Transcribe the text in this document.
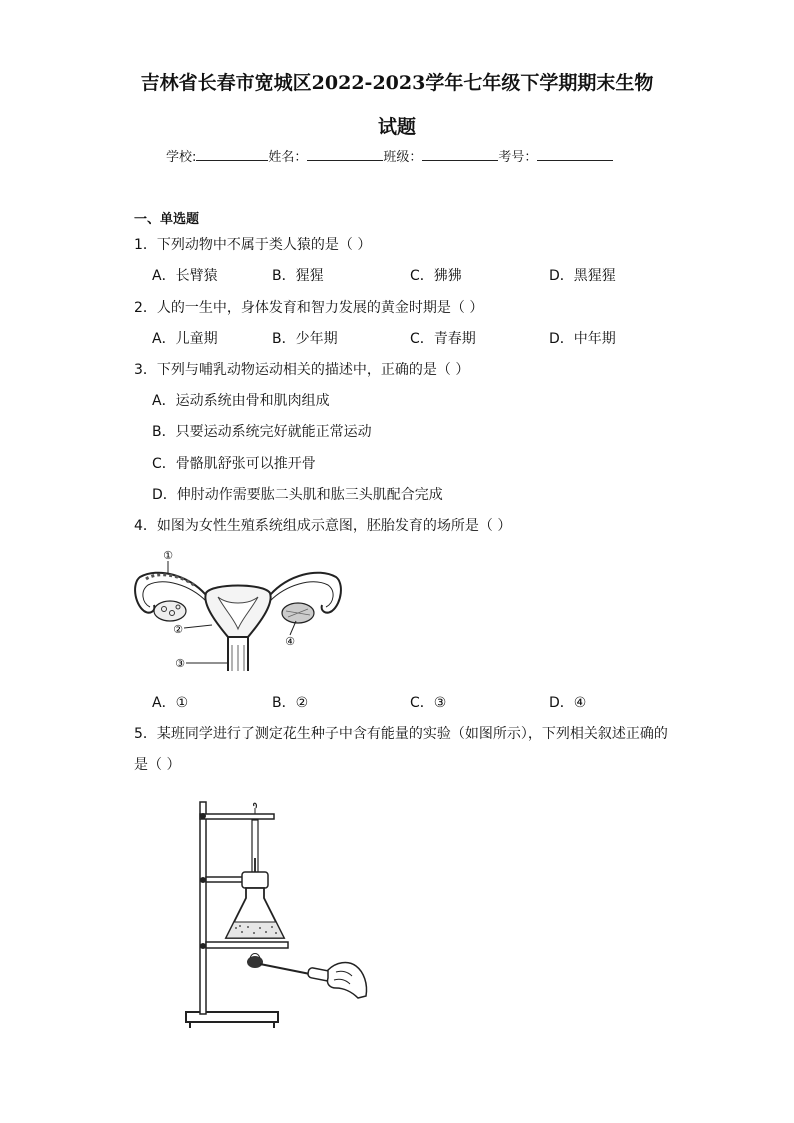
吉林省长春市宽城区2022-2023学年七年级下学期期末生物
试题
学校:	姓名：	班级：	考号：
一、单选题
1．下列动物中不属于类人猿的是（ ）
A．长臂猿	B．猩猩	C．狒狒	D．黑猩猩
2．人的一生中，身体发育和智力发展的黄金时期是（ ）
A．儿童期	B．少年期	C．青春期	D．中年期
3．下列与哺乳动物运动相关的描述中，正确的是（ ）
A．运动系统由骨和肌肉组成
B．只要运动系统完好就能正常运动
C．骨骼肌舒张可以推开骨
D．伸肘动作需要肱二头肌和肱三头肌配合完成
4．如图为女性生殖系统组成示意图，胚胎发育的场所是（ ）
①
②
③
④
A．①	B．②	C．③	D．④
5．某班同学进行了测定花生种子中含有能量的实验（如图所示），下列相关叙述正确的
是（ ）
